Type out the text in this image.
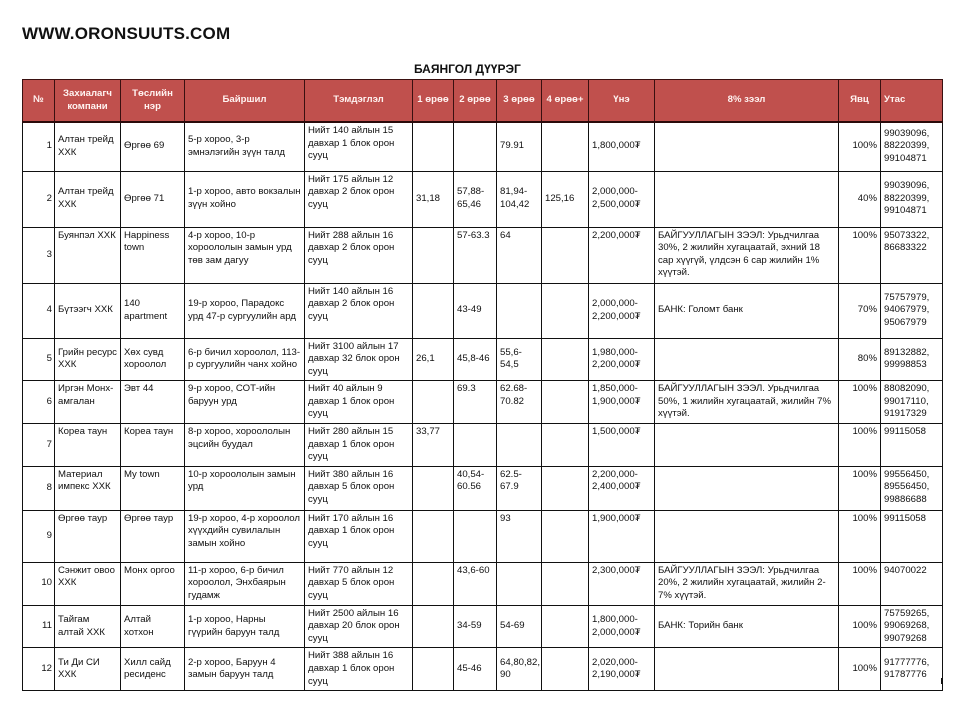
WWW.ORONSUUTS.COM
БАЯНГОЛ ДҮҮРЭГ
№	Захиалагч компани	Төслийн нэр	Байршил	Тэмдэглэл	1 өрөө	2 өрөө	3 өрөө	4 өрөө+	Үнэ	8% зээл	Явц	Утас
1	Алтан трейд ХХК	Өргөө 69	5-р хороо, 3-р эмнэлэгийн зүүн талд	Нийт 140 айлын 15 давхар 1 блок орон сууц			79.91		1,800,000₮		100%	99039096, 88220399, 99104871
2	Алтан трейд ХХК	Өргөө 71	1-р хороо, авто вокзалын зүүн хойно	Нийт 175 айлын 12 давхар 2 блок орон сууц	31,18	57,88-65,46	81,94-104,42	125,16	2,000,000-2,500,000₮		40%	99039096, 88220399, 99104871
3	Буянпэл ХХК	Happiness town	4-р хороо, 10-р хороололын замын урд төв зам дагуу	Нийт 288 айлын 16 давхар 2 блок орон сууц		57-63.3	64		2,200,000₮	БАЙГУУЛЛАГЫН ЗЭЭЛ: Урьдчилгаа 30%, 2 жилийн хугацаатай, эхний 18 сар хүүгүй, үлдсэн 6 сар жилийн 1% хүүтэй.	100%	95073322, 86683322
4	Бүтээгч ХХК	140 apartment	19-р хороо, Парадокс урд 47-р сургуулийн ард	Нийт 140 айлын 16 давхар 2 блок орон сууц		43-49			2,000,000-2,200,000₮	БАНК: Голомт банк	70%	75757979, 94067979, 95067979
5	Грийн ресурс ХХК	Хөх сувд хороолол	6-р бичил хороолол, 113-р сургуулийн чанх хойно	Нийт 3100 айлын 17 давхар 32 блок орон сууц	26,1	45,8-46	55,6-54,5		1,980,000-2,200,000₮		80%	89132882, 99998853
6	Иргэн Монх-амгалан	Эвт 44	9-р хороо, СОТ-ийн баруун урд	Нийт 40 айлын 9 давхар 1 блок орон сууц		69.3	62.68-70.82		1,850,000-1,900,000₮	БАЙГУУЛЛАГЫН ЗЭЭЛ. Урьдчилгаа 50%, 1 жилийн хугацаатай, жилийн 7% хүүтэй.	100%	88082090, 99017110, 91917329
7	Кореа таун	Кореа таун	8-р хороо, хороололын эцсийн буудал	Нийт 280 айлын 15 давхар 1 блок орон сууц	33,77				1,500,000₮		100%	99115058
8	Материал импекс ХХК	My town	10-р хороололын замын урд	Нийт 380 айлын 16 давхар 5 блок орон сууц		40,54-60.56	62.5-67.9		2,200,000-2,400,000₮		100%	99556450, 89556450, 99886688
9	Өргөө таур	Өргөө таур	19-р хороо, 4-р хороолол хүүхдийн сувилалын замын хойно	Нийт 170 айлын 16 давхар 1 блок орон сууц			93		1,900,000₮		100%	99115058
10	Сэнжит овоо ХХК	Монх оргоо	11-р хороо, 6-р бичил хороолол, Энхбаярын гудамж	Нийт 770 айлын 12 давхар 5 блок орон сууц		43,6-60			2,300,000₮	БАЙГУУЛЛАГЫН ЗЭЭЛ: Урьдчилгаа 20%, 2 жилийн хугацаатай, жилийн 2-7% хүүтэй.	100%	94070022
11	Тайгам алтай ХХК	Алтай хотхон	1-р хороо, Нарны гүүрийн баруун талд	Нийт 2500 айлын 16 давхар 20 блок орон сууц		34-59	54-69		1,800,000-2,000,000₮	БАНК: Торийн банк	100%	75759265, 99069268, 99079268
12	Ти Ди СИ ХХК	Хилл сайд ресиденс	2-р хороо, Баруун 4 замын баруун талд	Нийт 388 айлын 16 давхар 1 блок орон сууц		45-46	64,80,82, 90		2,020,000-2,190,000₮		100%	91777776, 91787776
